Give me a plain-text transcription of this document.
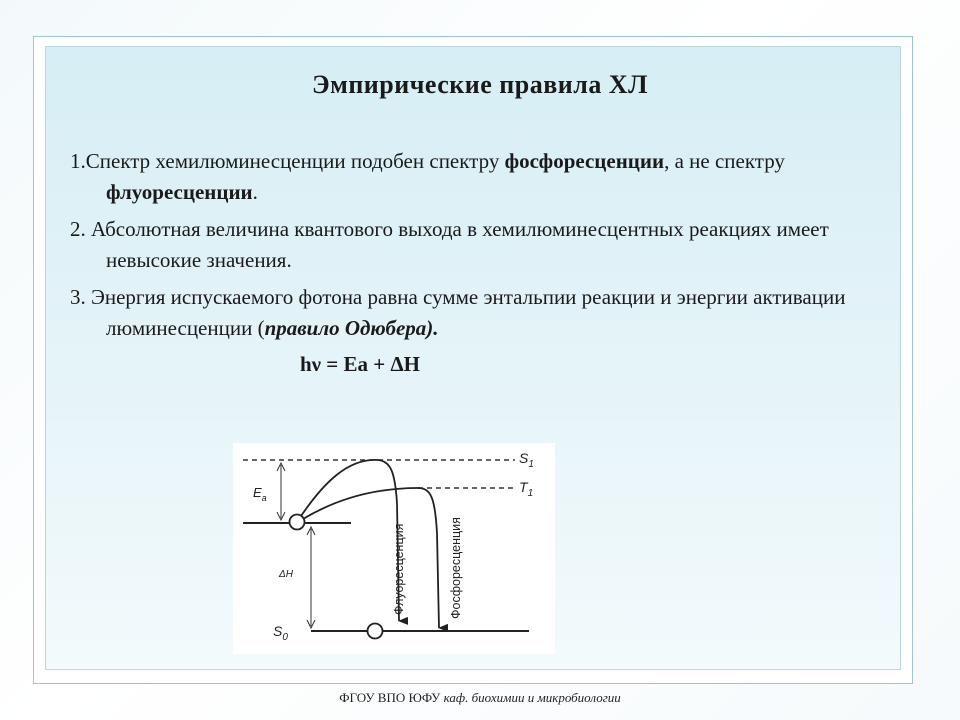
Эмпирические правила ХЛ
1.Спектр хемилюминесценции подобен спектру фосфоресценции, а не спектру флуоресценции.
2. Абсолютная величина квантового выхода в хемилюминесцентных реакциях имеет невысокие значения.
3. Энергия испускаемого фотона равна сумме энтальпии реакции и энергии активации люминесценции (правило Одюбера).
hν = Ea + ΔH
$S_1$
$T_1$
$S_0$
$E_a$
ΔH	Флуоресценция	Фосфоресценция
ФГОУ ВПО ЮФУ каф. биохимии и микробиологии
